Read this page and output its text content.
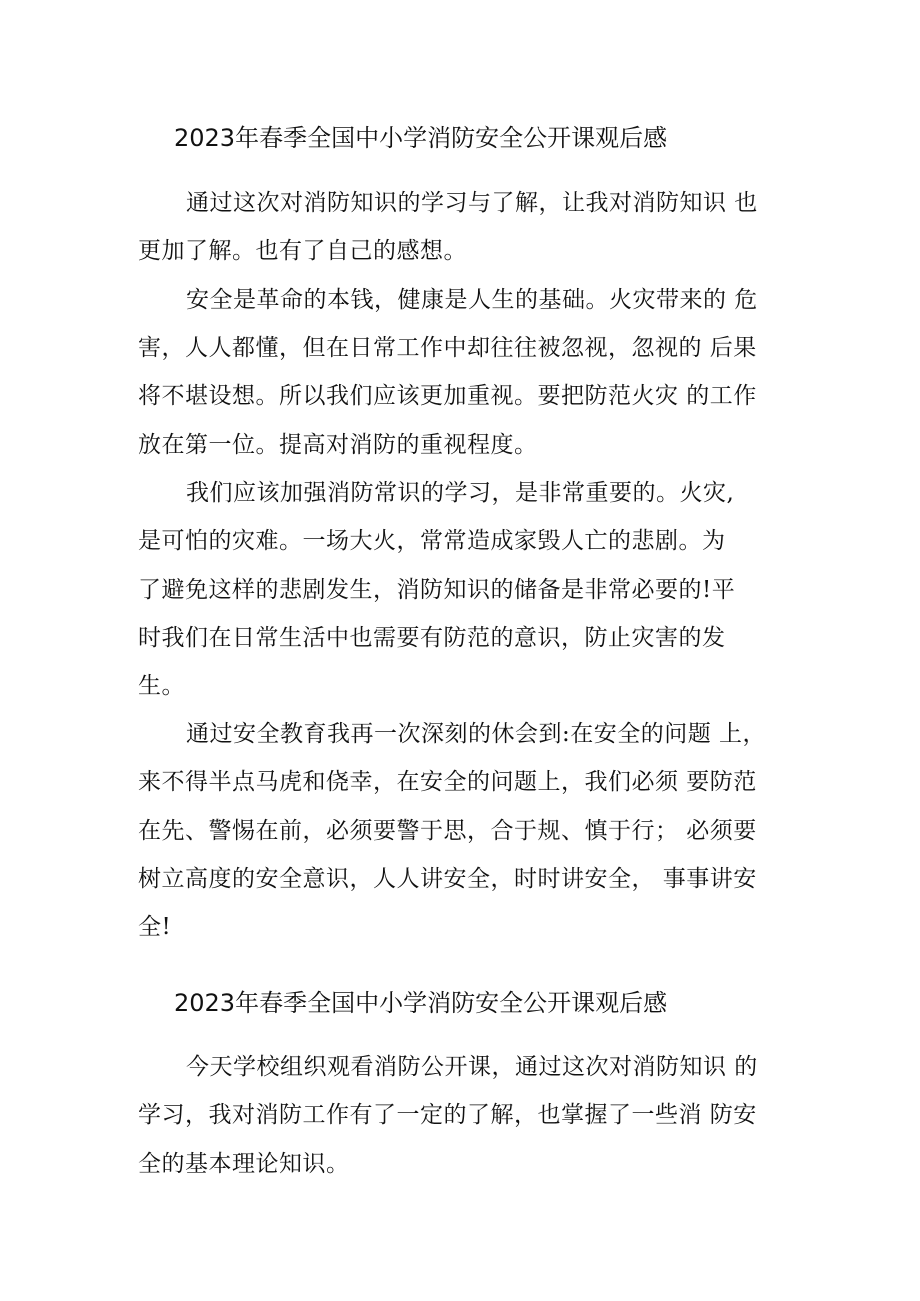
2023年春季全国中小学消防安全公开课观后感
通过这次对消防知识的学习与了解，让我对消防知识 也
更加了解。也有了自己的感想。
安全是革命的本钱，健康是人生的基础。火灾带来的 危
害，人人都懂，但在日常工作中却往往被忽视，忽视的 后果
将不堪设想。所以我们应该更加重视。要把防范火灾 的工作
放在第一位。提高对消防的重视程度。
我们应该加强消防常识的学习，是非常重要的。火灾,
是可怕的灾难。一场大火，常常造成家毁人亡的悲剧。为
了避免这样的悲剧发生，消防知识的储备是非常必要的!平
时我们在日常生活中也需要有防范的意识，防止灾害的发
生。
通过安全教育我再一次深刻的休会到:在安全的问题 上，
来不得半点马虎和侥幸，在安全的问题上，我们必须 要防范
在先、警惕在前，必须要警于思，合于规、慎于行； 必须要
树立高度的安全意识，人人讲安全，时时讲安全， 事事讲安
全!
2023年春季全国中小学消防安全公开课观后感
今天学校组织观看消防公开课，通过这次对消防知识 的
学习，我对消防工作有了一定的了解，也掌握了一些消 防安
全的基本理论知识。
